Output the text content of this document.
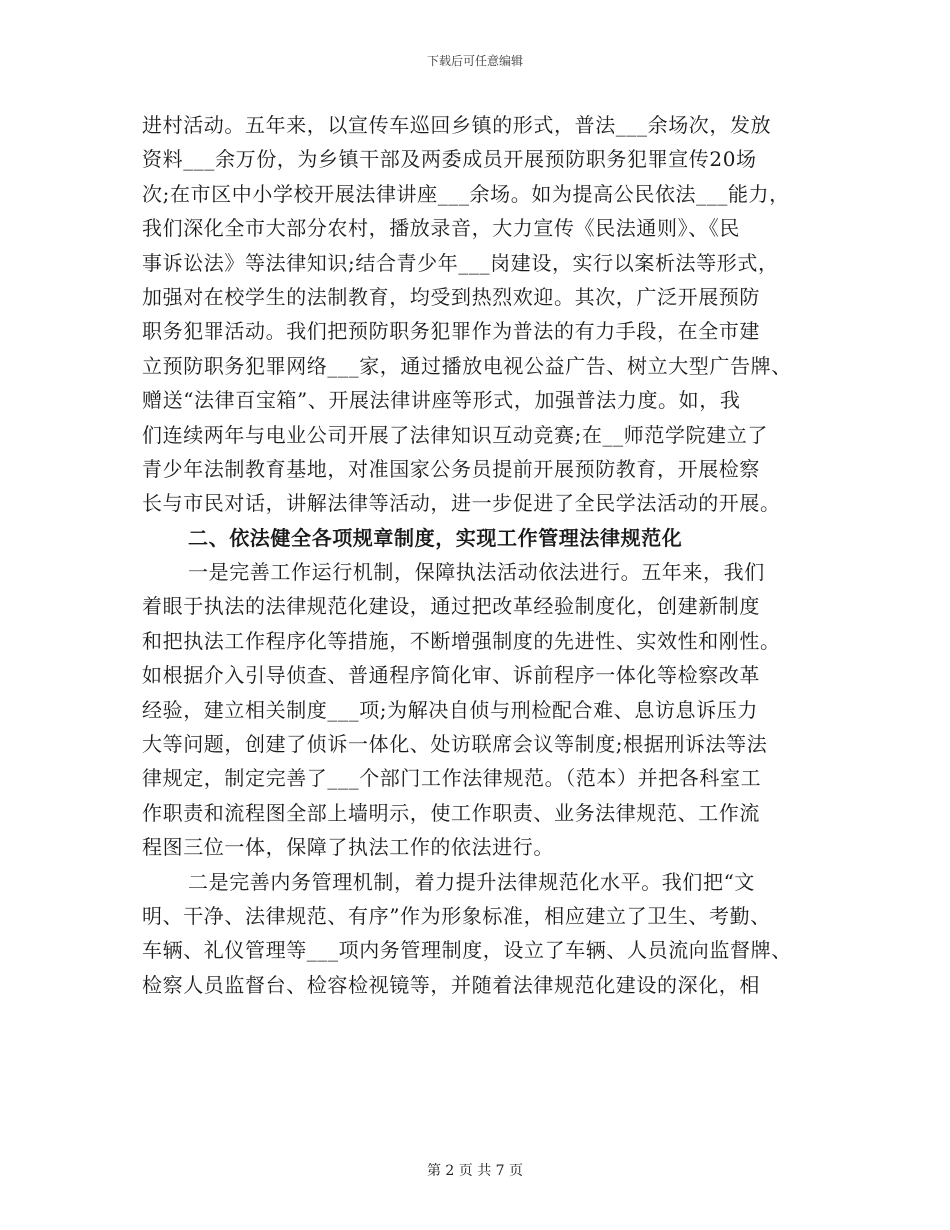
下载后可任意编辑
进村活动。五年来，以宣传车巡回乡镇的形式，普法___余场次，发放
资料___余万份，为乡镇干部及两委成员开展预防职务犯罪宣传20场
次;在市区中小学校开展法律讲座___余场。如为提高公民依法___能力，
我们深化全市大部分农村，播放录音，大力宣传《民法通则》、《民
事诉讼法》等法律知识;结合青少年___岗建设，实行以案析法等形式，
加强对在校学生的法制教育，均受到热烈欢迎。其次，广泛开展预防
职务犯罪活动。我们把预防职务犯罪作为普法的有力手段，在全市建
立预防职务犯罪网络___家，通过播放电视公益广告、树立大型广告牌、
赠送“法律百宝箱”、开展法律讲座等形式，加强普法力度。如，我
们连续两年与电业公司开展了法律知识互动竞赛;在__师范学院建立了
青少年法制教育基地，对准国家公务员提前开展预防教育，开展检察
长与市民对话，讲解法律等活动，进一步促进了全民学法活动的开展。
二、依法健全各项规章制度，实现工作管理法律规范化
一是完善工作运行机制，保障执法活动依法进行。五年来，我们
着眼于执法的法律规范化建设，通过把改革经验制度化，创建新制度
和把执法工作程序化等措施，不断增强制度的先进性、实效性和刚性。
如根据介入引导侦查、普通程序简化审、诉前程序一体化等检察改革
经验，建立相关制度___项;为解决自侦与刑检配合难、息访息诉压力
大等问题，创建了侦诉一体化、处访联席会议等制度;根据刑诉法等法
律规定，制定完善了___个部门工作法律规范。（范本）并把各科室工
作职责和流程图全部上墙明示，使工作职责、业务法律规范、工作流
程图三位一体，保障了执法工作的依法进行。
二是完善内务管理机制，着力提升法律规范化水平。我们把“文
明、干净、法律规范、有序”作为形象标准，相应建立了卫生、考勤、
车辆、礼仪管理等___项内务管理制度，设立了车辆、人员流向监督牌、
检察人员监督台、检容检视镜等，并随着法律规范化建设的深化，相
第 2 页 共 7 页
